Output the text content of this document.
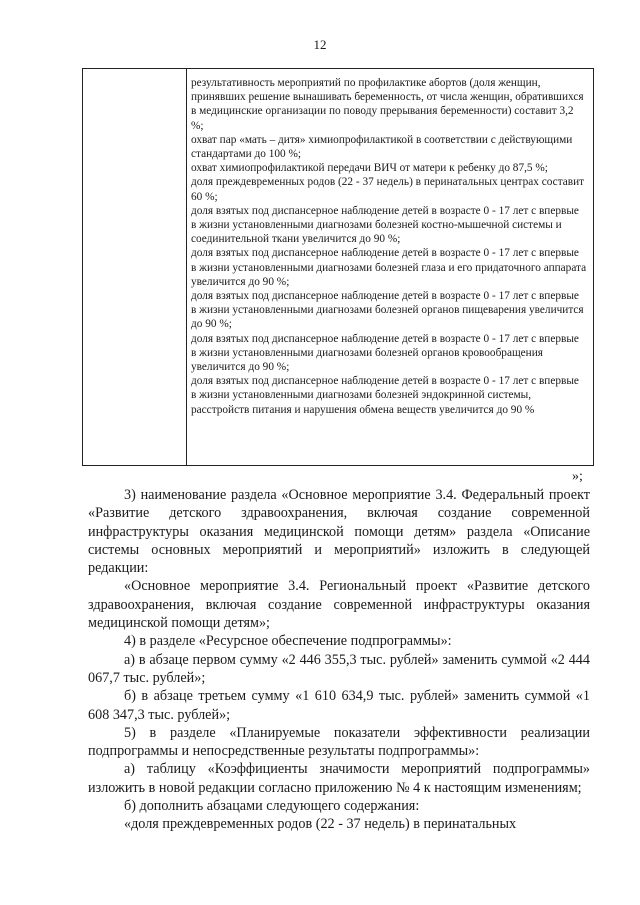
12

результативность мероприятий по профилактике абортов (доля женщин, принявших решение вынашивать беременность, от числа женщин, обратившихся в медицинские организации по поводу прерывания беременности) составит 3,2 %;

охват пар «мать – дитя» химиопрофилактикой в соответствии с действующими стандартами до 100 %;

охват химиопрофилактикой передачи ВИЧ от матери к ребенку до 87,5 %;

доля преждевременных родов (22 - 37 недель) в перинатальных центрах составит 60 %;

доля взятых под диспансерное наблюдение детей в возрасте 0 - 17 лет с впервые в жизни установленными диагнозами болезней костно-мышечной системы и соединительной ткани увеличится до 90 %;

доля взятых под диспансерное наблюдение детей в возрасте 0 - 17 лет с впервые в жизни установленными диагнозами болезней глаза и его придаточного аппарата увеличится до 90 %;

доля взятых под диспансерное наблюдение детей в возрасте 0 - 17 лет с впервые в жизни установленными диагнозами болезней органов пищеварения увеличится до 90 %;

доля взятых под диспансерное наблюдение детей в возрасте 0 - 17 лет с впервые в жизни установленными диагнозами болезней органов кровообращения увеличится до 90 %;

доля взятых под диспансерное наблюдение детей в возрасте 0 - 17 лет с впервые в жизни установленными диагнозами болезней эндокринной системы, расстройств питания и нарушения обмена веществ увеличится до 90 %

»;

3) наименование раздела «Основное мероприятие 3.4. Федеральный проект «Развитие детского здравоохранения, включая создание современной инфраструктуры оказания медицинской помощи детям» раздела «Описание системы основных мероприятий и мероприятий» изложить в следующей редакции:

«Основное мероприятие 3.4. Региональный проект «Развитие детского здравоохранения, включая создание современной инфраструктуры оказания медицинской помощи детям»;

4) в разделе «Ресурсное обеспечение подпрограммы»:

а) в абзаце первом сумму «2 446 355,3 тыс. рублей» заменить суммой «2 444 067,7 тыс. рублей»;

б) в абзаце третьем сумму «1 610 634,9 тыс. рублей» заменить суммой «1 608 347,3 тыс. рублей»;

5) в разделе «Планируемые показатели эффективности реализации подпрограммы и непосредственные результаты подпрограммы»:

а) таблицу «Коэффициенты значимости мероприятий подпрограммы» изложить в новой редакции согласно приложению № 4 к настоящим изменениям;

б) дополнить абзацами следующего содержания:

«доля преждевременных родов (22 - 37 недель) в перинатальных
